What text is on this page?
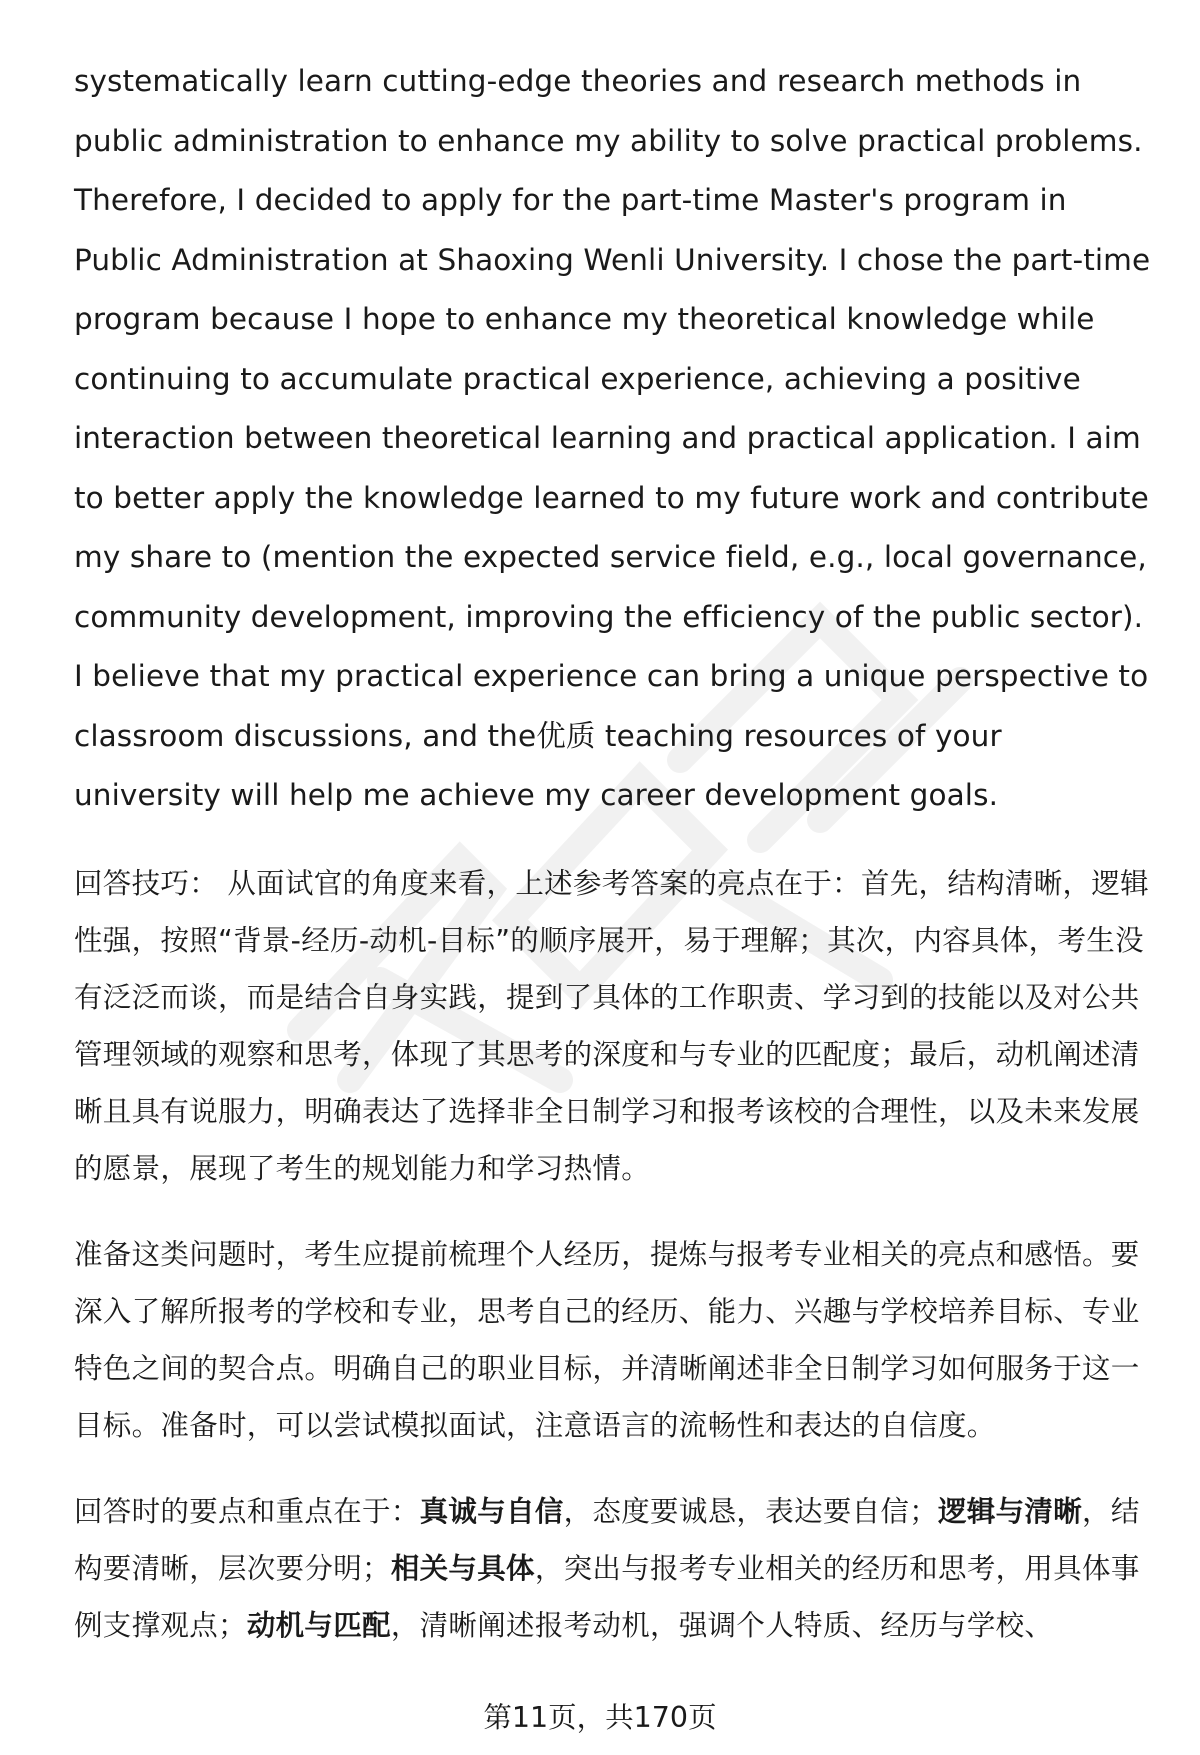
systematically learn cutting-edge theories and research methods in public administration to enhance my ability to solve practical problems. Therefore, I decided to apply for the part-time Master's program in Public Administration at Shaoxing Wenli University. I chose the part-time program because I hope to enhance my theoretical knowledge while continuing to accumulate practical experience, achieving a positive interaction between theoretical learning and practical application. I aim to better apply the knowledge learned to my future work and contribute my share to (mention the expected service field, e.g., local governance, community development, improving the efficiency of the public sector). I believe that my practical experience can bring a unique perspective to classroom discussions, and the优质 teaching resources of your university will help me achieve my career development goals.

回答技巧： 从面试官的角度来看，上述参考答案的亮点在于：首先，结构清晰，逻辑性强，按照“背景-经历-动机-目标”的顺序展开，易于理解；其次，内容具体，考生没有泛泛而谈，而是结合自身实践，提到了具体的工作职责、学习到的技能以及对公共管理领域的观察和思考，体现了其思考的深度和与专业的匹配度；最后，动机阐述清晰且具有说服力，明确表达了选择非全日制学习和报考该校的合理性，以及未来发展的愿景，展现了考生的规划能力和学习热情。

准备这类问题时，考生应提前梳理个人经历，提炼与报考专业相关的亮点和感悟。要深入了解所报考的学校和专业，思考自己的经历、能力、兴趣与学校培养目标、专业特色之间的契合点。明确自己的职业目标，并清晰阐述非全日制学习如何服务于这一目标。准备时，可以尝试模拟面试，注意语言的流畅性和表达的自信度。

回答时的要点和重点在于：真诚与自信，态度要诚恳，表达要自信；逻辑与清晰，结构要清晰，层次要分明；相关与具体，突出与报考专业相关的经历和思考，用具体事例支撑观点；动机与匹配，清晰阐述报考动机，强调个人特质、经历与学校、

第11页，共170页
